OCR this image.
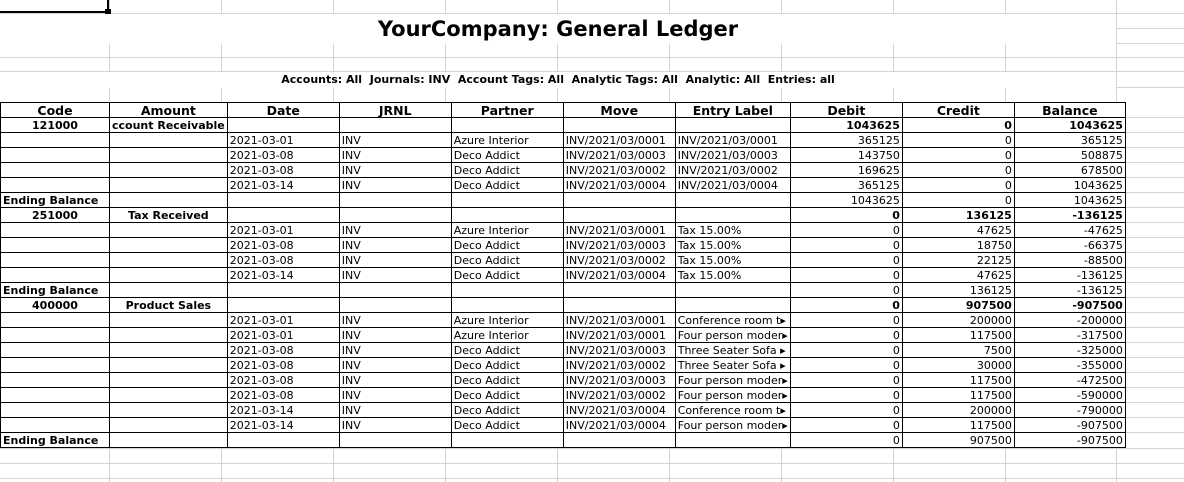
YourCompany: General Ledger
Accounts: All  Journals: INV  Account Tags: All  Analytic Tags: All  Analytic: All  Entries: all
Code	Amount	Date	JRNL	Partner	Move	Entry Label	Debit	Credit	Balance
121000	ccount Receivable						1043625	0	1043625
		2021-03-01	INV	Azure Interior	INV/2021/03/0001	INV/2021/03/0001	365125	0	365125
		2021-03-08	INV	Deco Addict	INV/2021/03/0003	INV/2021/03/0003	143750	0	508875
		2021-03-08	INV	Deco Addict	INV/2021/03/0002	INV/2021/03/0002	169625	0	678500
		2021-03-14	INV	Deco Addict	INV/2021/03/0004	INV/2021/03/0004	365125	0	1043625
Ending Balance							1043625	0	1043625
251000	Tax Received						0	136125	-136125
		2021-03-01	INV	Azure Interior	INV/2021/03/0001	Tax 15.00%	0	47625	-47625
		2021-03-08	INV	Deco Addict	INV/2021/03/0003	Tax 15.00%	0	18750	-66375
		2021-03-08	INV	Deco Addict	INV/2021/03/0002	Tax 15.00%	0	22125	-88500
		2021-03-14	INV	Deco Addict	INV/2021/03/0004	Tax 15.00%	0	47625	-136125
Ending Balance							0	136125	-136125
400000	Product Sales						0	907500	-907500
		2021-03-01	INV	Azure Interior	INV/2021/03/0001	Conference room t▸	0	200000	-200000
		2021-03-01	INV	Azure Interior	INV/2021/03/0001	Four person moder▸	0	117500	-317500
		2021-03-08	INV	Deco Addict	INV/2021/03/0003	Three Seater Sofa ▸	0	7500	-325000
		2021-03-08	INV	Deco Addict	INV/2021/03/0002	Three Seater Sofa ▸	0	30000	-355000
		2021-03-08	INV	Deco Addict	INV/2021/03/0003	Four person moder▸	0	117500	-472500
		2021-03-08	INV	Deco Addict	INV/2021/03/0002	Four person moder▸	0	117500	-590000
		2021-03-14	INV	Deco Addict	INV/2021/03/0004	Conference room t▸	0	200000	-790000
		2021-03-14	INV	Deco Addict	INV/2021/03/0004	Four person moder▸	0	117500	-907500
Ending Balance							0	907500	-907500
